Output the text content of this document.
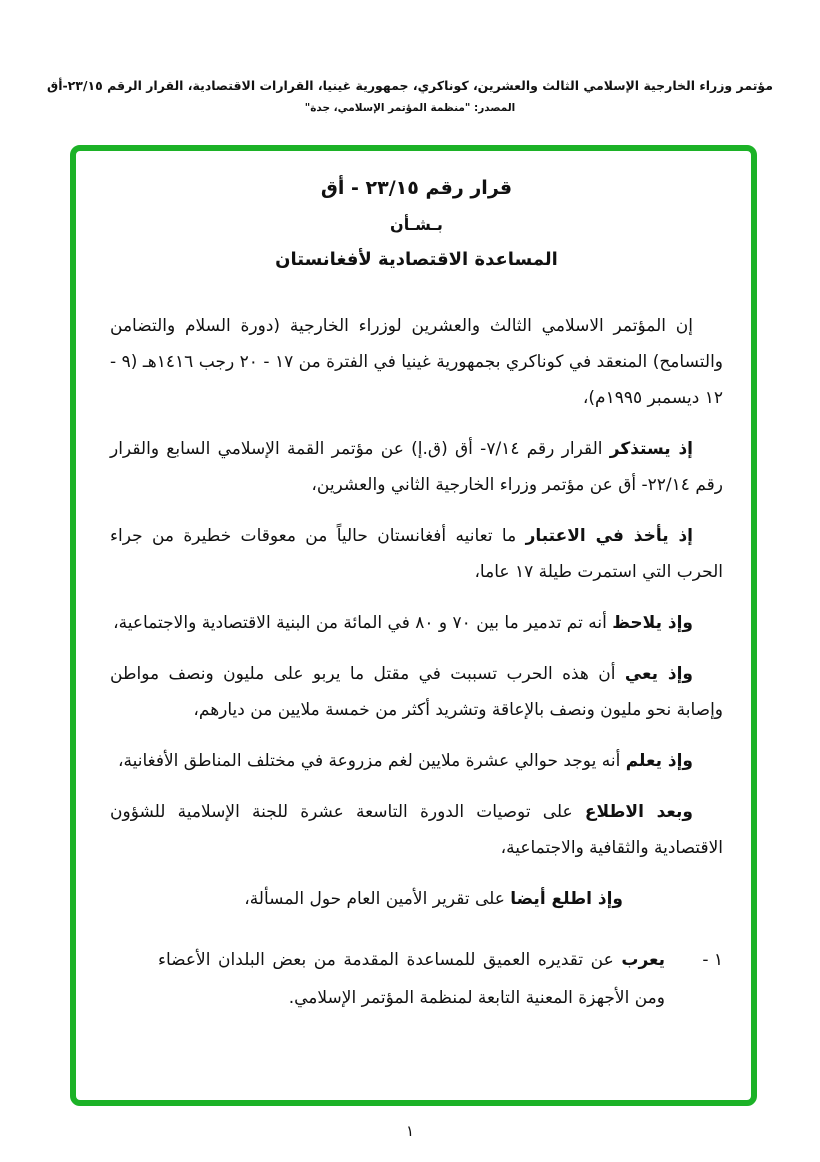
مؤتمر وزراء الخارجية الإسلامي الثالث والعشرين، كوناكري، جمهورية غينيا، القرارات الاقتصادية، القرار الرقم ٢٣/١٥-أق
المصدر: "منظمة المؤتمر الإسلامي، جدة"
قرار رقم ٢٣/١٥ - أق
بـشـأن
المساعدة الاقتصادية لأفغانستان

إن المؤتمر الاسلامي الثالث والعشرين لوزراء الخارجية (دورة السلام والتضامن والتسامح) المنعقد في كوناكري بجمهورية غينيا في الفترة من ١٧ - ٢٠ رجب ١٤١٦هـ (٩ - ١٢ ديسمبر ١٩٩٥م)،

إذ يستذكر القرار رقم ٧/١٤- أق (ق.إ) عن مؤتمر القمة الإسلامي السابع والقرار رقم ٢٢/١٤- أق عن مؤتمر وزراء الخارجية الثاني والعشرين،

إذ يأخذ في الاعتبار ما تعانيه أفغانستان حالياً من معوقات خطيرة من جراء الحرب التي استمرت طيلة ١٧ عاما،

وإذ يلاحظ أنه تم تدمير ما بين ٧٠ و ٨٠ في المائة من البنية الاقتصادية والاجتماعية،

وإذ يعي أن هذه الحرب تسببت في مقتل ما يربو على مليون ونصف مواطن وإصابة نحو مليون ونصف بالإعاقة وتشريد أكثر من خمسة ملايين من ديارهم،

وإذ يعلم أنه يوجد حوالي عشرة ملايين لغم مزروعة في مختلف المناطق الأفغانية،

وبعد الاطلاع على توصيات الدورة التاسعة عشرة للجنة الإسلامية للشؤون الاقتصادية والثقافية والاجتماعية،

وإذ اطلع أيضا على تقرير الأمين العام حول المسألة،

١ -
يعرب عن تقديره العميق للمساعدة المقدمة من بعض البلدان الأعضاء ومن الأجهزة المعنية التابعة لمنظمة المؤتمر الإسلامي.
١
